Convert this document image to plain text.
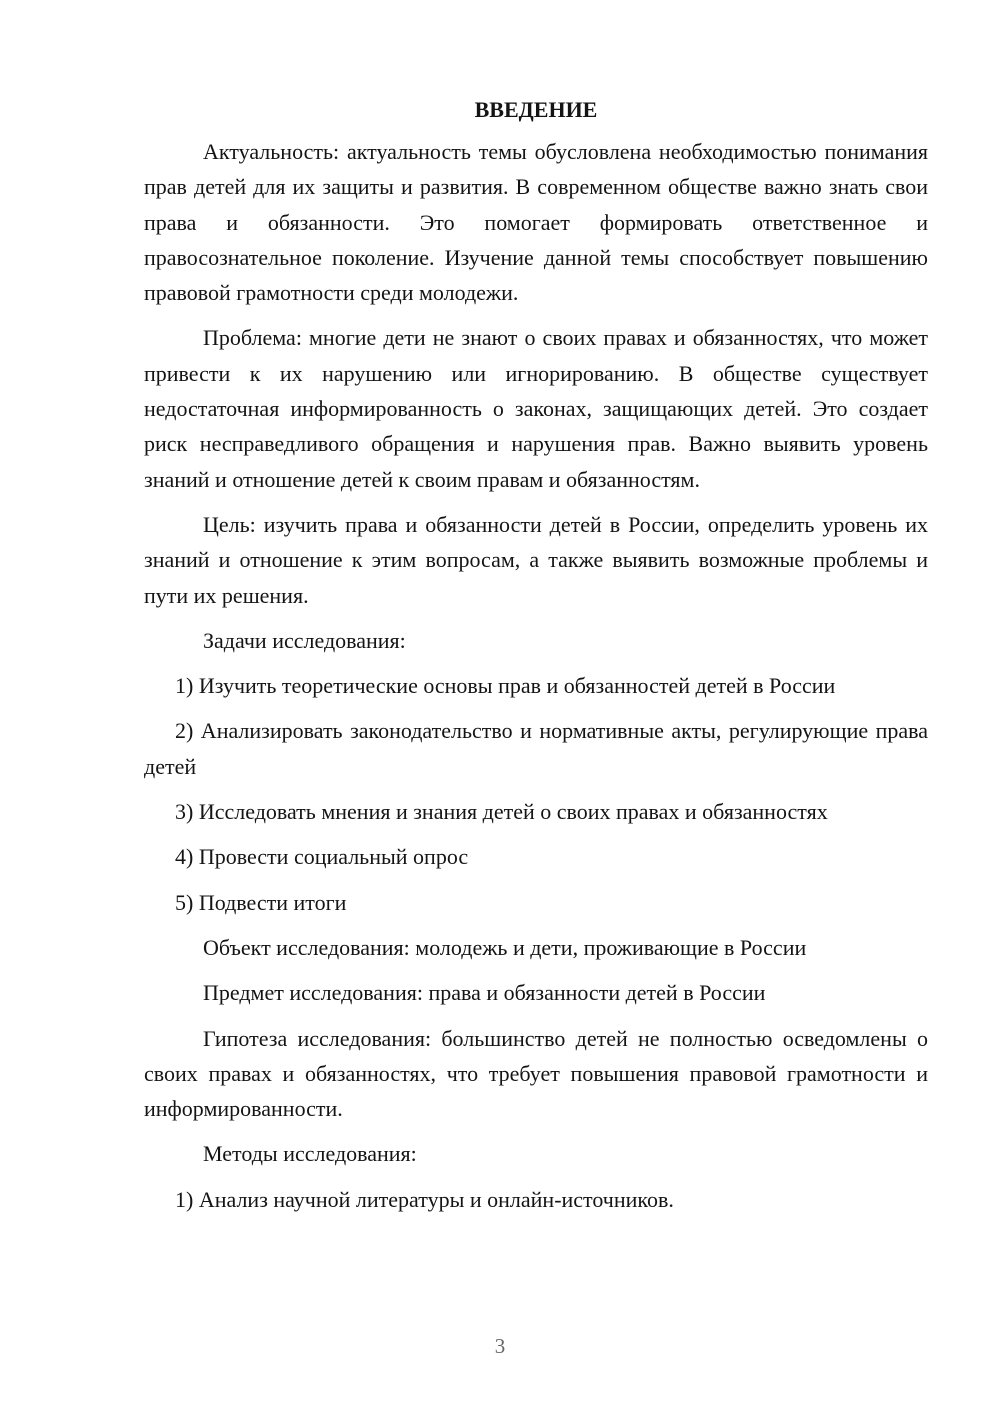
ВВЕДЕНИЕ

Актуальность: актуальность темы обусловлена необходимостью понимания прав детей для их защиты и развития. В современном обществе важно знать свои права и обязанности. Это помогает формировать ответственное и правосознательное поколение. Изучение данной темы способствует повышению правовой грамотности среди молодежи.

Проблема: многие дети не знают о своих правах и обязанностях, что может привести к их нарушению или игнорированию. В обществе существует недостаточная информированность о законах, защищающих детей. Это создает риск несправедливого обращения и нарушения прав. Важно выявить уровень знаний и отношение детей к своим правам и обязанностям.

Цель: изучить права и обязанности детей в России, определить уровень их знаний и отношение к этим вопросам, а также выявить возможные проблемы и пути их решения.

Задачи исследования:

1) Изучить теоретические основы прав и обязанностей детей в России

2) Анализировать законодательство и нормативные акты, регулирующие права детей

3) Исследовать мнения и знания детей о своих правах и обязанностях

4) Провести социальный опрос

5) Подвести итоги

Объект исследования: молодежь и дети, проживающие в России

Предмет исследования: права и обязанности детей в России

Гипотеза исследования: большинство детей не полностью осведомлены о своих правах и обязанностях, что требует повышения правовой грамотности и информированности.

Методы исследования:

1) Анализ научной литературы и онлайн-источников.

3
